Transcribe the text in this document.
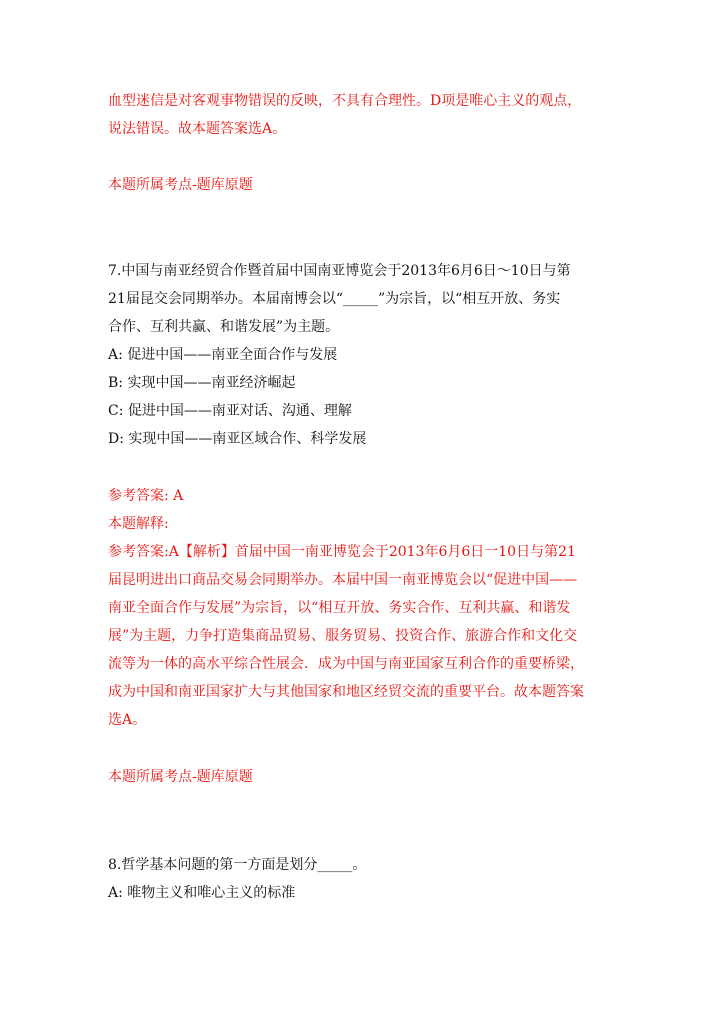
血型迷信是对客观事物错误的反映，不具有合理性。D项是唯心主义的观点，
说法错误。故本题答案选A。
本题所属考点-题库原题
7.中国与南亚经贸合作暨首届中国南亚博览会于2013年6月6日～10日与第
21届昆交会同期举办。本届南博会以“_____”为宗旨，以“相互开放、务实
合作、互利共赢、和谐发展”为主题。
A: 促进中国——南亚全面合作与发展
B: 实现中国——南亚经济崛起
C: 促进中国——南亚对话、沟通、理解
D: 实现中国——南亚区域合作、科学发展
参考答案: A
本题解释:
参考答案:A【解析】首届中国一南亚博览会于2013年6月6日一10日与第21
届昆明进出口商品交易会同期举办。本届中国一南亚博览会以“促进中国——
南亚全面合作与发展”为宗旨，以“相互开放、务实合作、互利共赢、和谐发
展”为主题，力争打造集商品贸易、服务贸易、投资合作、旅游合作和文化交
流等为一体的高水平综合性展会．成为中国与南亚国家互利合作的重要桥梁，
成为中国和南亚国家扩大与其他国家和地区经贸交流的重要平台。故本题答案
选A。
本题所属考点-题库原题
8.哲学基本问题的第一方面是划分_____。
A: 唯物主义和唯心主义的标准
